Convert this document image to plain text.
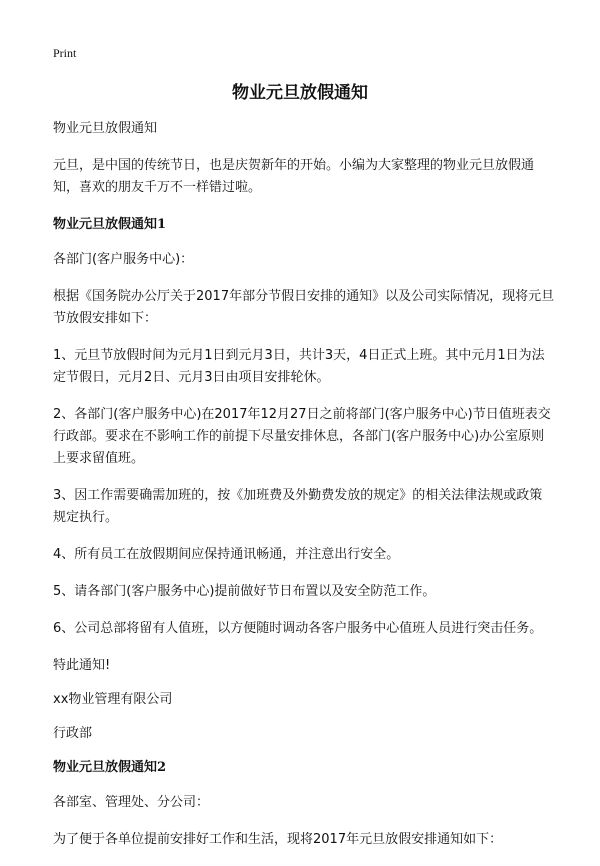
Print
物业元旦放假通知

物业元旦放假通知

元旦，是中国的传统节日，也是庆贺新年的开始。小编为大家整理的物业元旦放假通知，喜欢的朋友千万不一样错过啦。

物业元旦放假通知1

各部门(客户服务中心)：

根据《国务院办公厅关于2017年部分节假日安排的通知》以及公司实际情况，现将元旦节放假安排如下：

1、元旦节放假时间为元月1日到元月3日，共计3天，4日正式上班。其中元月1日为法定节假日，元月2日、元月3日由项目安排轮休。

2、各部门(客户服务中心)在2017年12月27日之前将部门(客户服务中心)节日值班表交行政部。要求在不影响工作的前提下尽量安排休息，各部门(客户服务中心)办公室原则上要求留值班。

3、因工作需要确需加班的，按《加班费及外勤费发放的规定》的相关法律法规或政策规定执行。

4、所有员工在放假期间应保持通讯畅通，并注意出行安全。

5、请各部门(客户服务中心)提前做好节日布置以及安全防范工作。

6、公司总部将留有人值班，以方便随时调动各客户服务中心值班人员进行突击任务。

特此通知!

xx物业管理有限公司

行政部

物业元旦放假通知2

各部室、管理处、分公司：

为了便于各单位提前安排好工作和生活，现将2017年元旦放假安排通知如下：
